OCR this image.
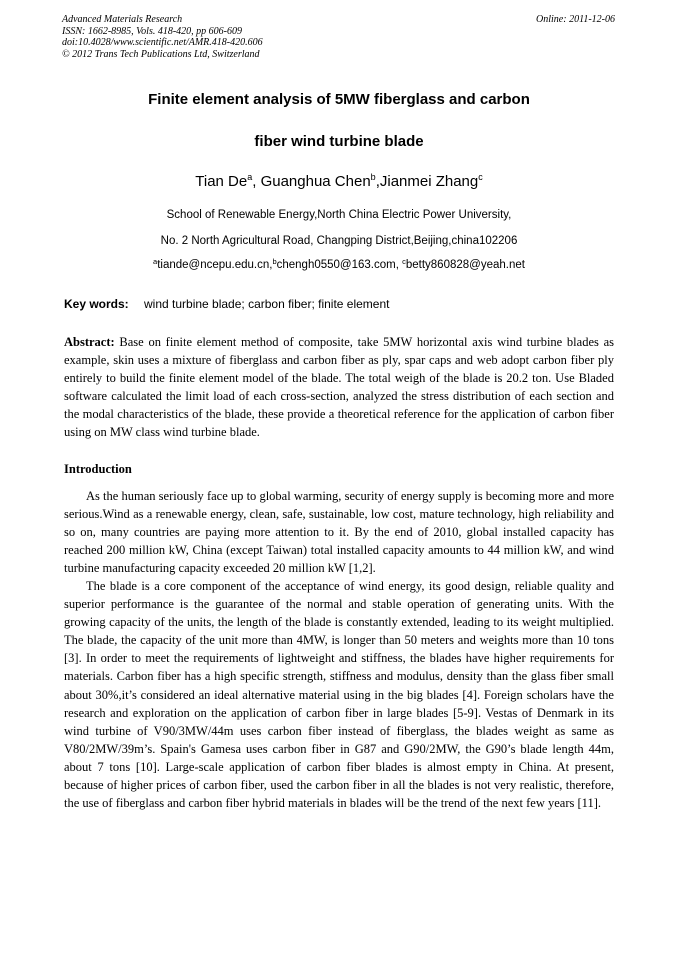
Advanced Materials Research
ISSN: 1662-8985, Vols. 418-420, pp 606-609
doi:10.4028/www.scientific.net/AMR.418-420.606
© 2012 Trans Tech Publications Ltd, Switzerland
Online: 2011-12-06
Finite element analysis of 5MW fiberglass and carbon
fiber wind turbine blade
Tian De$^a$, Guanghua Chen$^b$,Jianmei Zhang$^c$
School of Renewable Energy,North China Electric Power University,
No. 2 North Agricultural Road, Changping District,Beijing,china102206
$^a$tiande@ncepu.edu.cn,$^b$chengh0550@163.com, $^c$betty860828@yeah.net
Key words: wind turbine blade; carbon fiber; finite element

Abstract: Base on finite element method of composite, take 5MW horizontal axis wind turbine blades as example, skin uses a mixture of fiberglass and carbon fiber as ply, spar caps and web adopt carbon fiber ply entirely to build the finite element model of the blade. The total weigh of the blade is 20.2 ton. Use Bladed software calculated the limit load of each cross-section, analyzed the stress distribution of each section and the modal characteristics of the blade, these provide a theoretical reference for the application of carbon fiber using on MW class wind turbine blade.

Introduction

As the human seriously face up to global warming, security of energy supply is becoming more and more serious.Wind as a renewable energy, clean, safe, sustainable, low cost, mature technology, high reliability and so on, many countries are paying more attention to it. By the end of 2010, global installed capacity has reached 200 million kW, China (except Taiwan) total installed capacity amounts to 44 million kW, and wind turbine manufacturing capacity exceeded 20 million kW [1,2].

The blade is a core component of the acceptance of wind energy, its good design, reliable quality and superior performance is the guarantee of the normal and stable operation of generating units. With the growing capacity of the units, the length of the blade is constantly extended, leading to its weight multiplied. The blade, the capacity of the unit more than 4MW, is longer than 50 meters and weights more than 10 tons [3]. In order to meet the requirements of lightweight and stiffness, the blades have higher requirements for materials. Carbon fiber has a high specific strength, stiffness and modulus, density than the glass fiber small about 30%,it’s considered an ideal alternative material using in the big blades [4]. Foreign scholars have the research and exploration on the application of carbon fiber in large blades [5-9]. Vestas of Denmark in its wind turbine of V90/3MW/44m uses carbon fiber instead of fiberglass, the blades weight as same as V80/2MW/39m’s. Spain's Gamesa uses carbon fiber in G87 and G90/2MW, the G90’s blade length 44m, about 7 tons [10]. Large-scale application of carbon fiber blades is almost empty in China. At present, because of higher prices of carbon fiber, used the carbon fiber in all the blades is not very realistic, therefore, the use of fiberglass and carbon fiber hybrid materials in blades will be the trend of the next few years [11].
